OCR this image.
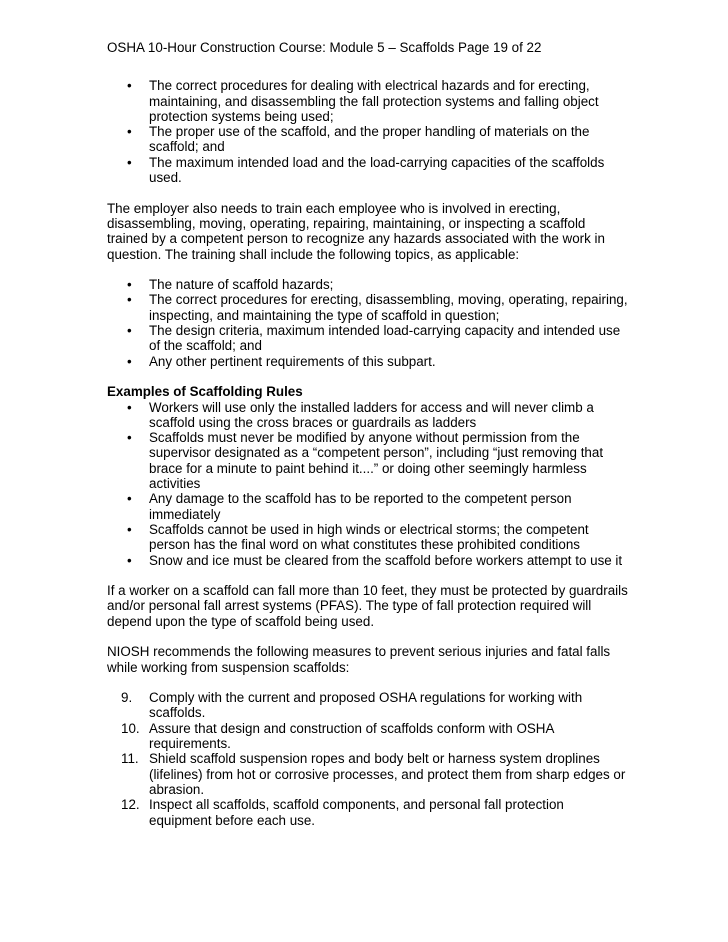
OSHA 10-Hour Construction Course: Module 5 – Scaffolds Page 19 of 22

• The correct procedures for dealing with electrical hazards and for erecting, maintaining, and disassembling the fall protection systems and falling object protection systems being used;
• The proper use of the scaffold, and the proper handling of materials on the scaffold; and
• The maximum intended load and the load-carrying capacities of the scaffolds used.

The employer also needs to train each employee who is involved in erecting, disassembling, moving, operating, repairing, maintaining, or inspecting a scaffold trained by a competent person to recognize any hazards associated with the work in question. The training shall include the following topics, as applicable:

• The nature of scaffold hazards;
• The correct procedures for erecting, disassembling, moving, operating, repairing, inspecting, and maintaining the type of scaffold in question;
• The design criteria, maximum intended load-carrying capacity and intended use of the scaffold; and
• Any other pertinent requirements of this subpart.

Examples of Scaffolding Rules

• Workers will use only the installed ladders for access and will never climb a scaffold using the cross braces or guardrails as ladders
• Scaffolds must never be modified by anyone without permission from the supervisor designated as a “competent person”, including “just removing that brace for a minute to paint behind it....” or doing other seemingly harmless activities
• Any damage to the scaffold has to be reported to the competent person immediately
• Scaffolds cannot be used in high winds or electrical storms; the competent person has the final word on what constitutes these prohibited conditions
• Snow and ice must be cleared from the scaffold before workers attempt to use it

If a worker on a scaffold can fall more than 10 feet, they must be protected by guardrails and/or personal fall arrest systems (PFAS). The type of fall protection required will depend upon the type of scaffold being used.

NIOSH recommends the following measures to prevent serious injuries and fatal falls while working from suspension scaffolds:

9.	Comply with the current and proposed OSHA regulations for working with scaffolds.
10. Assure that design and construction of scaffolds conform with OSHA requirements.
11. Shield scaffold suspension ropes and body belt or harness system droplines (lifelines) from hot or corrosive processes, and protect them from sharp edges or abrasion.
12. Inspect all scaffolds, scaffold components, and personal fall protection equipment before each use.
